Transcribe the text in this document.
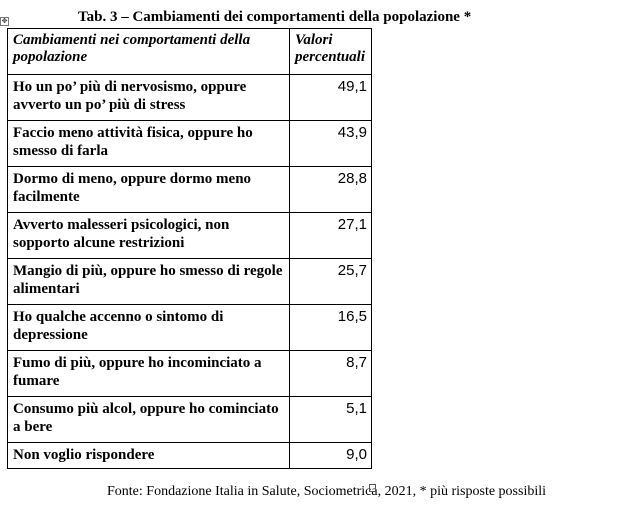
✥	Tab. 3 – Cambiamenti dei comportamenti della popolazione *
Cambiamenti nei comportamenti della popolazione	Valori percentuali
Ho un po’ più di nervosismo, oppure avverto un po’ più di stress	49,1
Faccio meno attività fisica, oppure ho smesso di farla	43,9
Dormo di meno, oppure dormo meno facilmente	28,8
Avverto malesseri psicologici, non sopporto alcune restrizioni	27,1
Mangio di più, oppure ho smesso di regole alimentari	25,7
Ho qualche accenno o sintomo di depressione	16,5
Fumo di più, oppure ho incominciato a fumare	8,7
Consumo più alcol, oppure ho cominciato a bere	5,1
Non voglio rispondere	9,0
Fonte: Fondazione Italia in Salute, Sociometrica, 2021, * più risposte possibili
